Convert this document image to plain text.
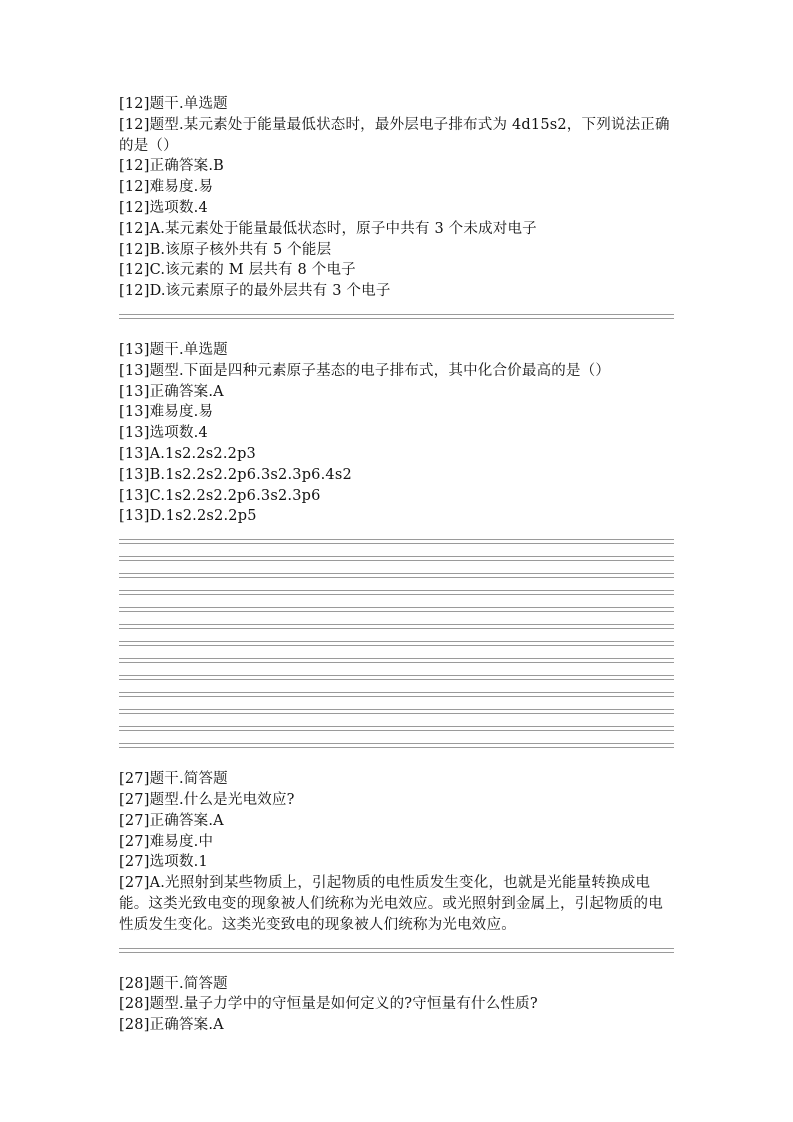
[12]题干.单选题

[12]题型.某元素处于能量最低状态时，最外层电子排布式为 4d15s2，下列说法正确的是（）

[12]正确答案.B

[12]难易度.易

[12]选项数.4

[12]A.某元素处于能量最低状态时，原子中共有 3 个未成对电子

[12]B.该原子核外共有 5 个能层

[12]C.该元素的 M 层共有 8 个电子

[12]D.该元素原子的最外层共有 3 个电子

[13]题干.单选题

[13]题型.下面是四种元素原子基态的电子排布式，其中化合价最高的是（）

[13]正确答案.A

[13]难易度.易

[13]选项数.4

[13]A.1s2.2s2.2p3

[13]B.1s2.2s2.2p6.3s2.3p6.4s2

[13]C.1s2.2s2.2p6.3s2.3p6

[13]D.1s2.2s2.2p5

[27]题干.简答题

[27]题型.什么是光电效应?

[27]正确答案.A

[27]难易度.中

[27]选项数.1

[27]A.光照射到某些物质上，引起物质的电性质发生变化，也就是光能量转换成电能。这类光致电变的现象被人们统称为光电效应。或光照射到金属上，引起物质的电性质发生变化。这类光变致电的现象被人们统称为光电效应。

[28]题干.简答题

[28]题型.量子力学中的守恒量是如何定义的?守恒量有什么性质?

[28]正确答案.A
